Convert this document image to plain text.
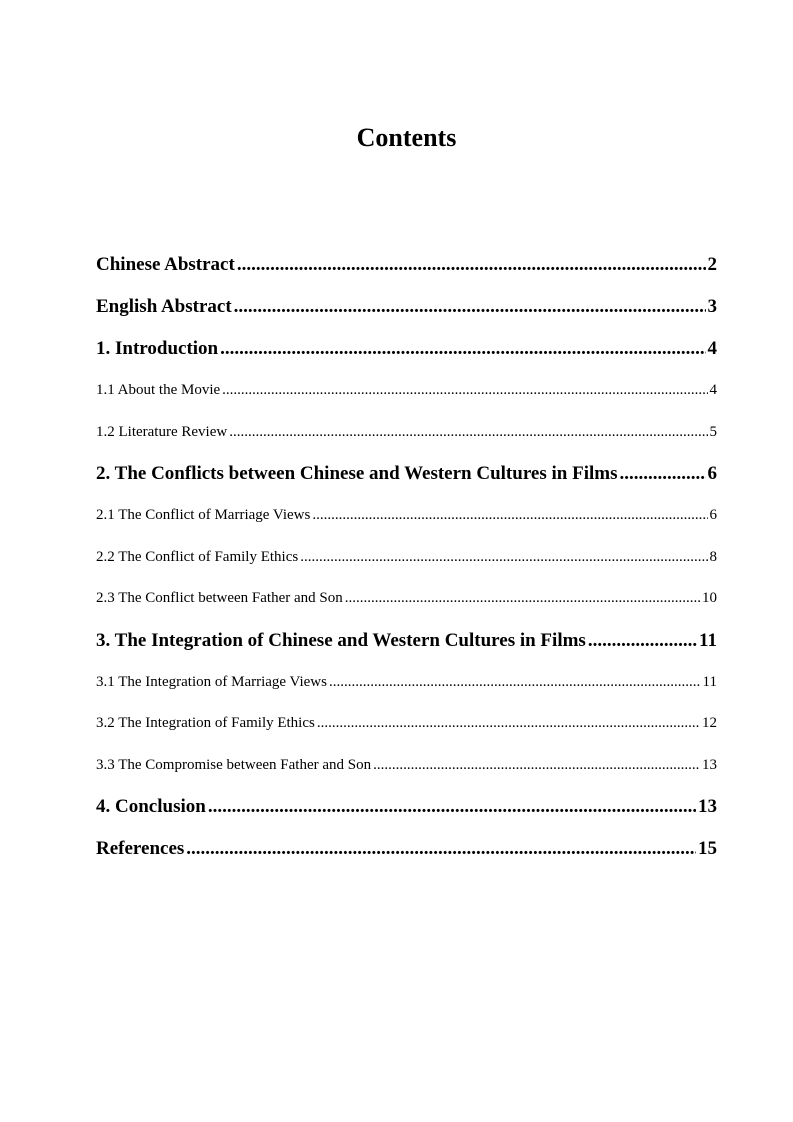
Contents
Chinese Abstract .....	2
English Abstract .....	3
1. Introduction .....	4
1.1 About the Movie .....	4
1.2 Literature Review .....	5
2. The Conflicts between Chinese and Western Cultures in Films .....	6
2.1 The Conflict of Marriage Views .....	6
2.2 The Conflict of Family Ethics .....	8
2.3 The Conflict between Father and Son .....	10
3. The Integration of Chinese and Western Cultures in Films .....	11
3.1 The Integration of Marriage Views .....	11
3.2 The Integration of Family Ethics .....	12
3.3 The Compromise between Father and Son .....	13
4. Conclusion .....	13
References .....	15
